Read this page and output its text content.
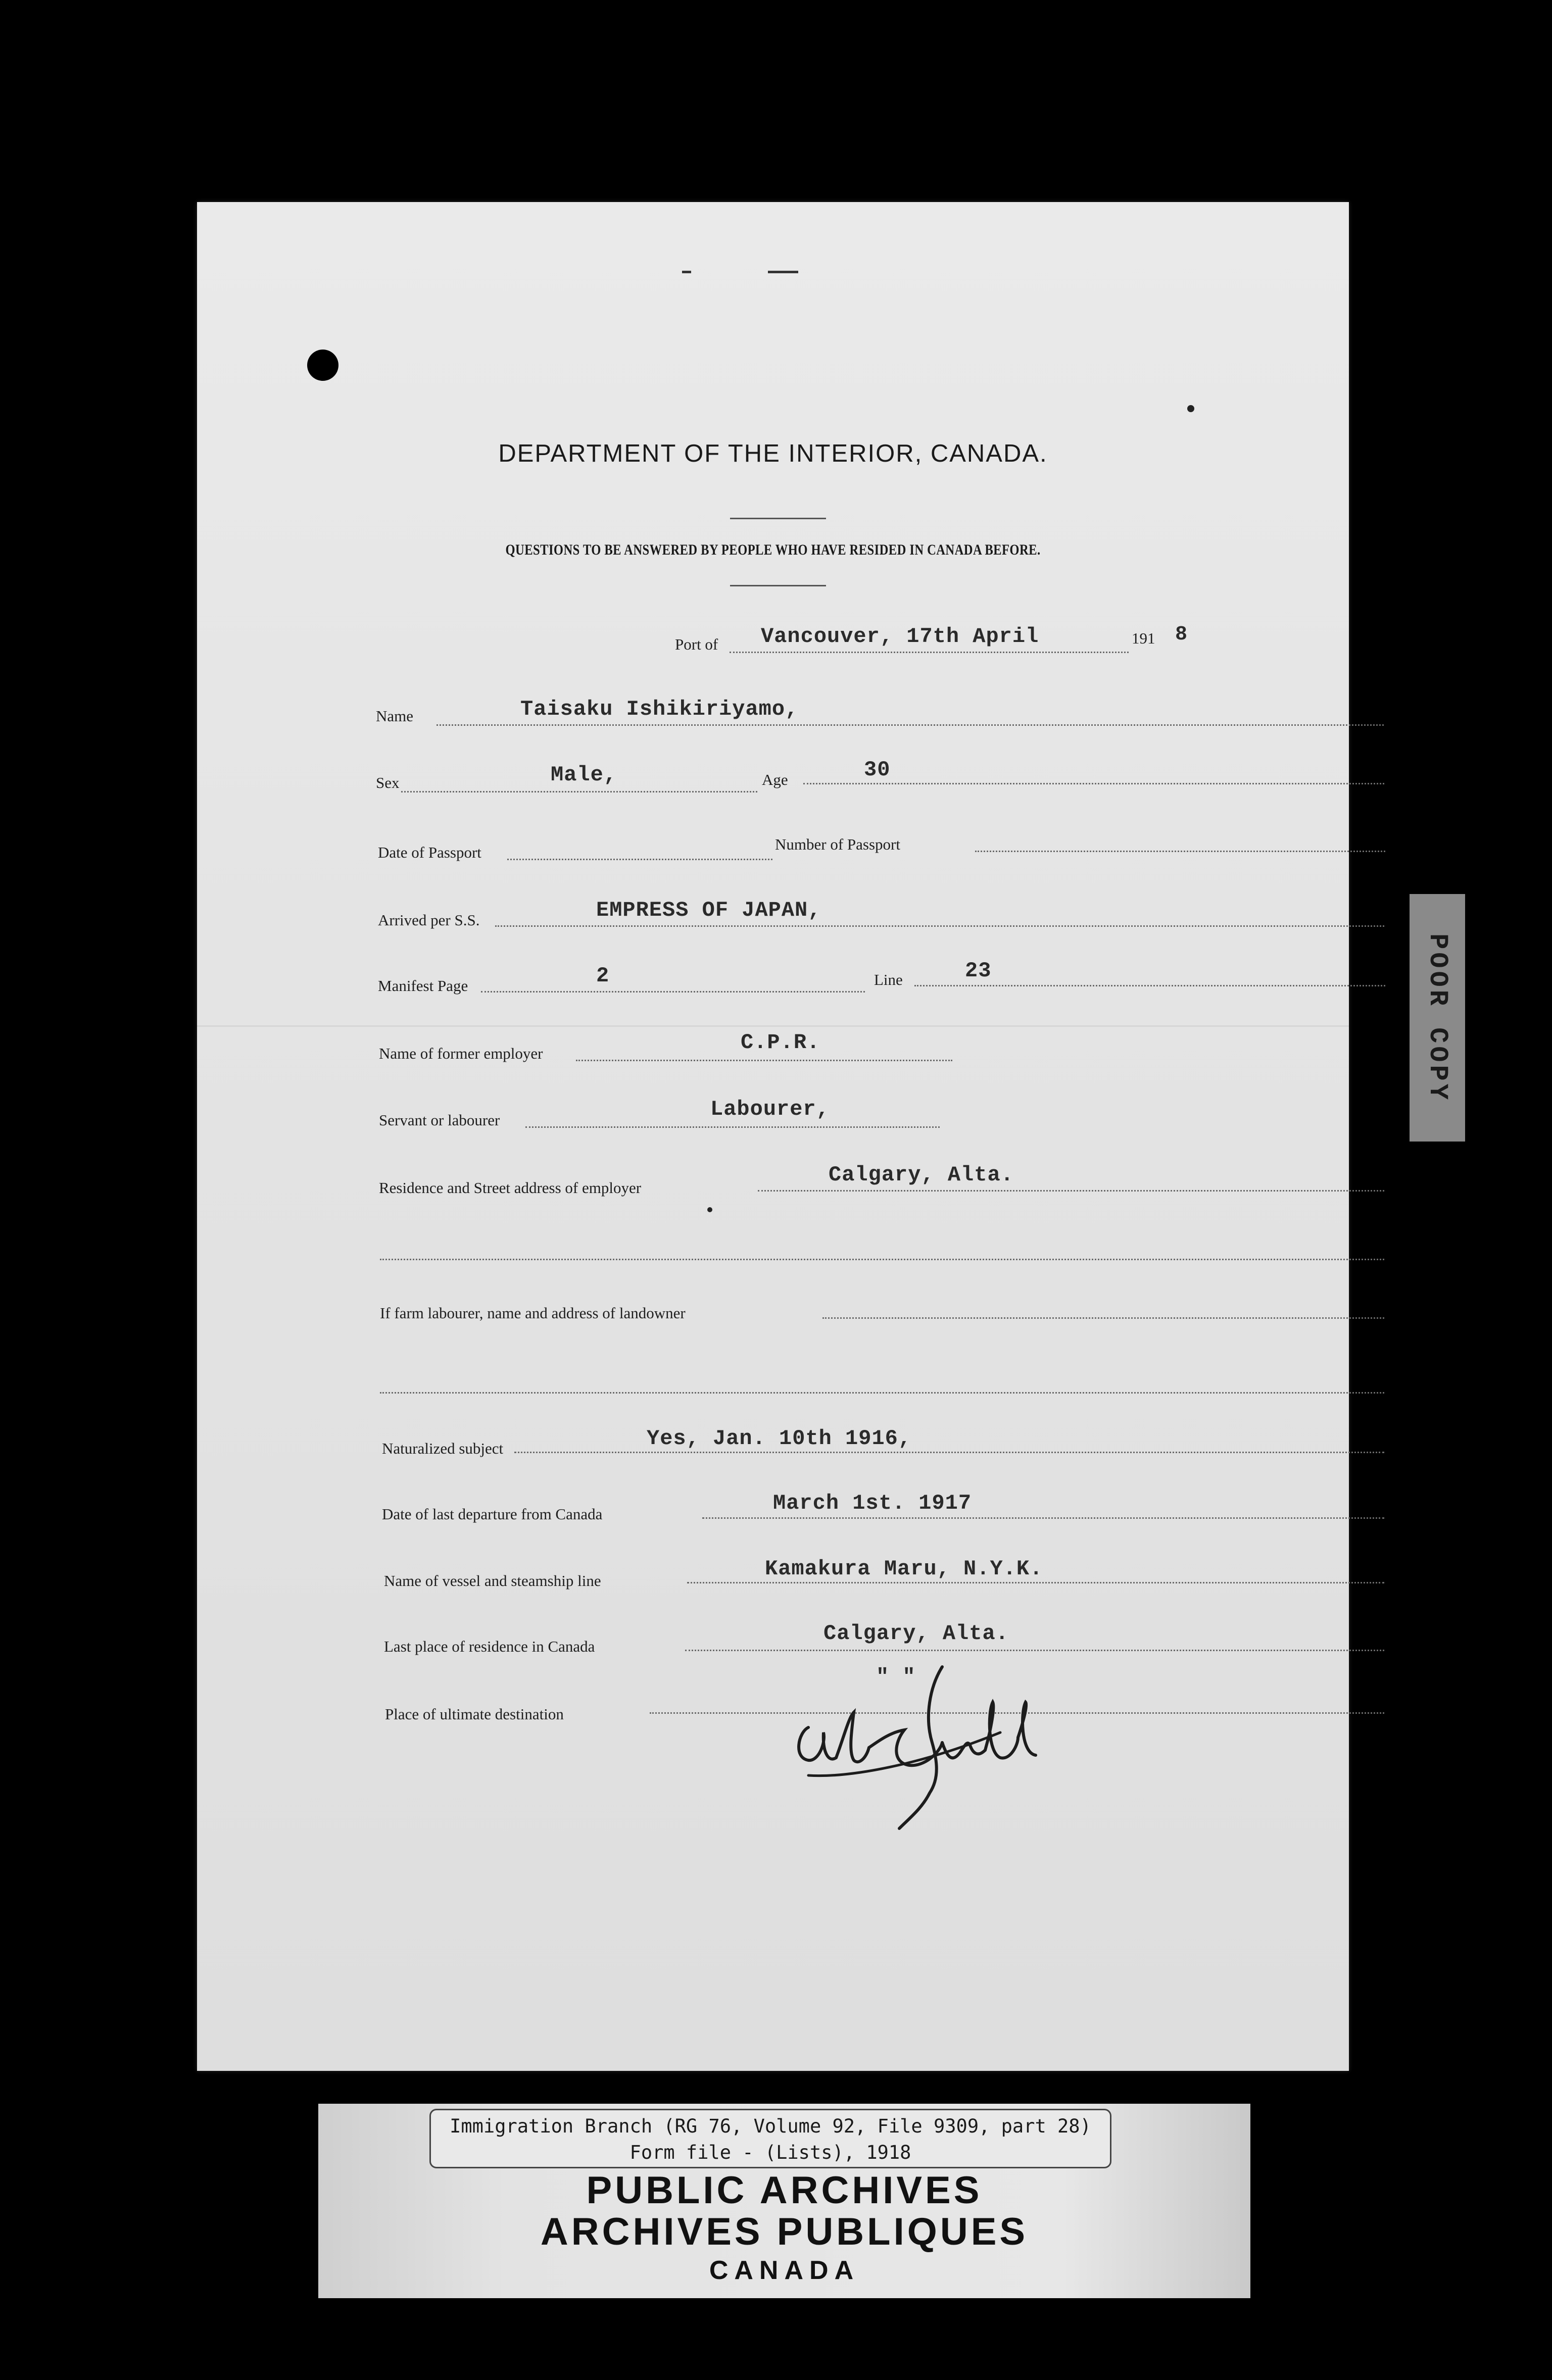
DEPARTMENT OF THE INTERIOR, CANADA.
QUESTIONS TO BE ANSWERED BY PEOPLE WHO HAVE RESIDED IN CANADA BEFORE.
Port of Vancouver, 17th April	191 8
Name	Taisaku Ishikiriyamo,
Sex	Male,	Age	30
Date of Passport	Number of Passport
Arrived per S.S.	EMPRESS OF JAPAN,
Manifest Page	2	Line	23
Name of former employer	C.P.R.
Servant or labourer	Labourer,
Residence and Street address of employer
Calgary, Alta.
If farm labourer, name and address of landowner
Naturalized subject	Yes, Jan. 10th 1916,
Date of last departure from Canada	March 1st. 1917
Name of vessel and steamship line	Kamakura Maru, N.Y.K.
Last place of residence in Canada
Calgary, Alta.
Place of ultimate destination
" "
POOR COPY
Immigration Branch (RG 76, Volume 92, File 9309, part 28)
Form file - (Lists), 1918
PUBLIC ARCHIVES
ARCHIVES PUBLIQUES
CANADA
